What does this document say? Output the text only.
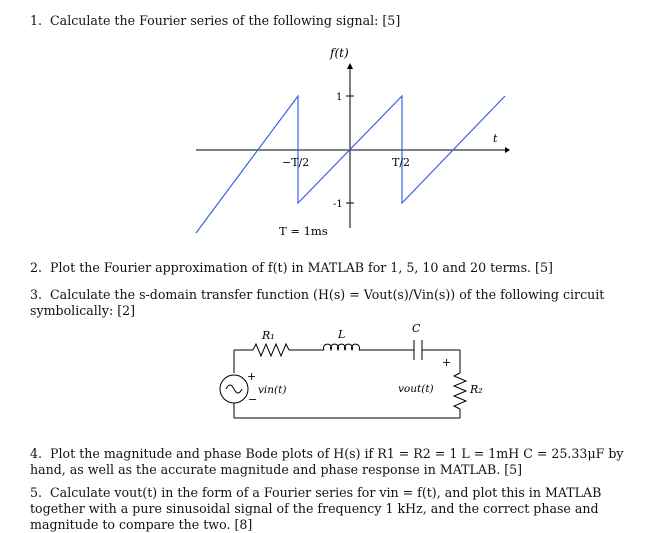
1. Calculate the Fourier series of the following signal: [5]

f(t)
t
1
-1
−T/2	T/2
T = 1ms

2. Plot the Fourier approximation of f(t) in MATLAB for 1, 5, 10 and 20 terms. [5]

3. Calculate the s-domain transfer function (H(s) = Vout(s)/Vin(s)) of the following circuit symbolically: [2]

R₁	L	C
+
−
vin(t)
+
vout(t)	R₂

4. Plot the magnitude and phase Bode plots of H(s) if R1 = R2 = 1 L = 1mH C = 25.33μF by hand, as well as the accurate magnitude and phase response in MATLAB. [5]

5. Calculate vout(t) in the form of a Fourier series for vin = f(t), and plot this in MATLAB together with a pure sinusoidal signal of the frequency 1 kHz, and the correct phase and magnitude to compare the two. [8]
